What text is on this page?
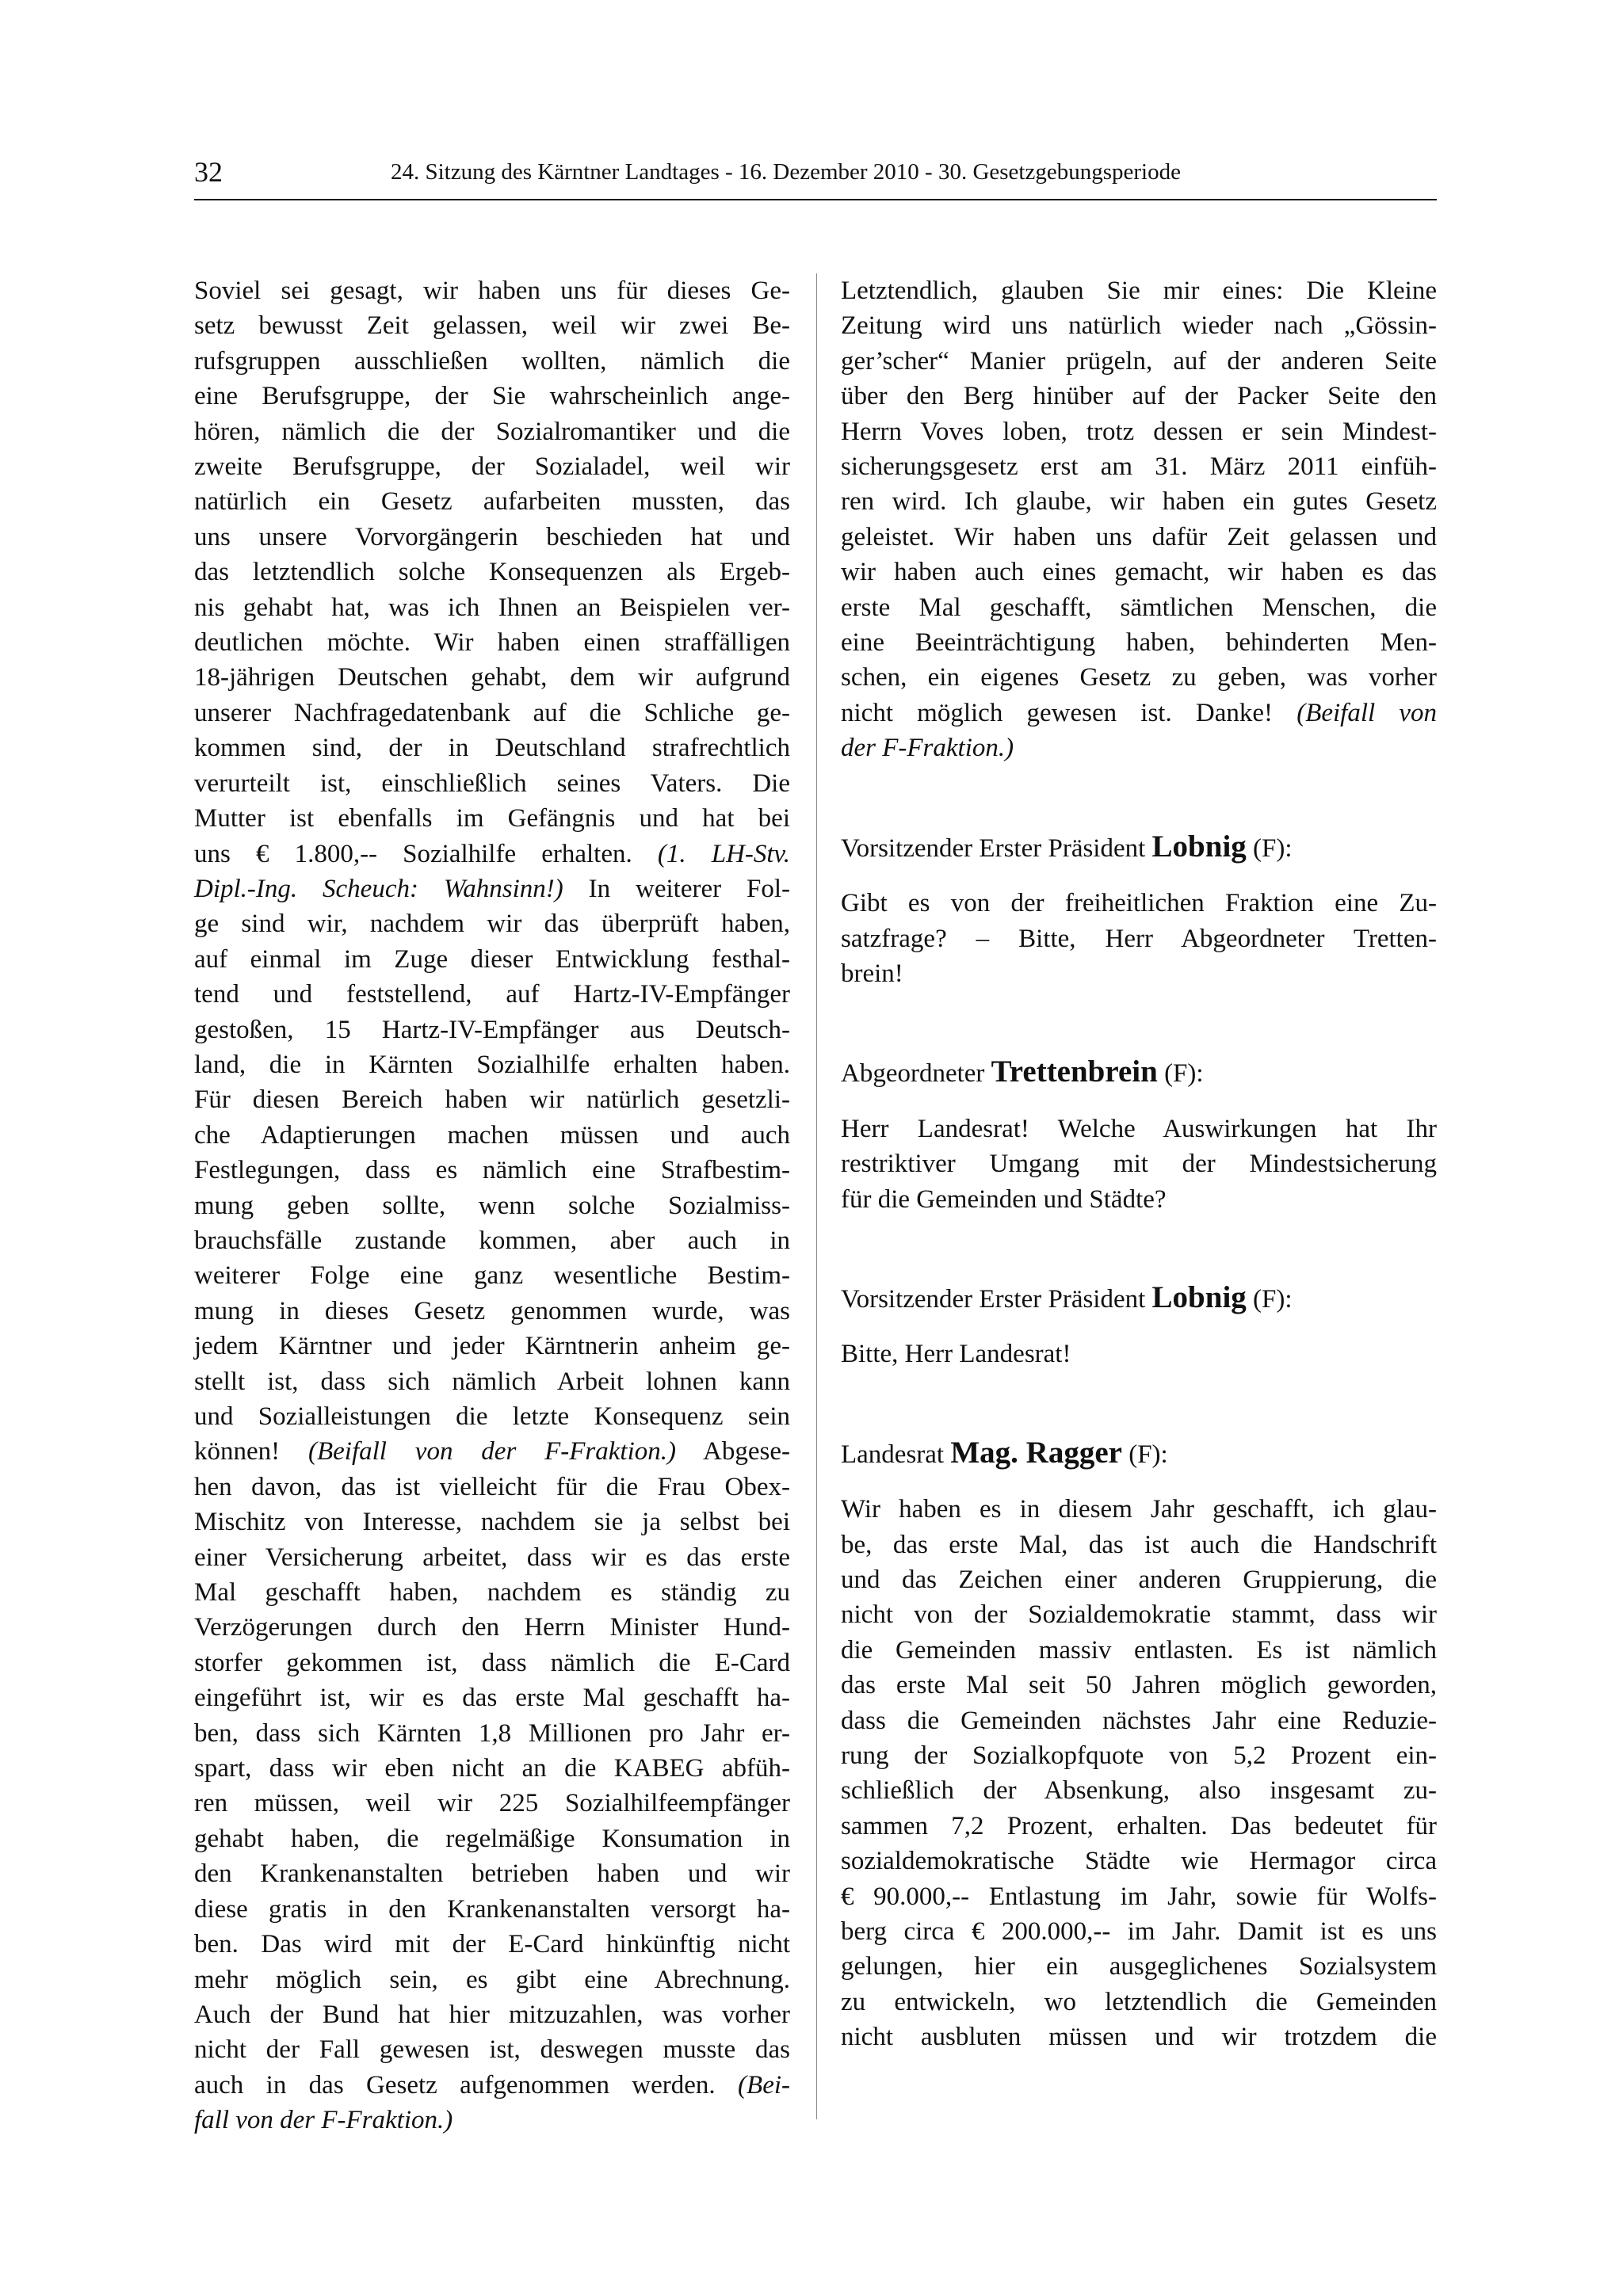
32	24. Sitzung des Kärntner Landtages - 16. Dezember 2010 - 30. Gesetzgebungsperiode
Soviel sei gesagt, wir haben uns für dieses Ge-
setz bewusst Zeit gelassen, weil wir zwei Be-
rufsgruppen ausschließen wollten, nämlich die
eine Berufsgruppe, der Sie wahrscheinlich ange-
hören, nämlich die der Sozialromantiker und die
zweite Berufsgruppe, der Sozialadel, weil wir
natürlich ein Gesetz aufarbeiten mussten, das
uns unsere Vorvorgängerin beschieden hat und
das letztendlich solche Konsequenzen als Ergeb-
nis gehabt hat, was ich Ihnen an Beispielen ver-
deutlichen möchte. Wir haben einen straffälligen
18-jährigen Deutschen gehabt, dem wir aufgrund
unserer Nachfragedatenbank auf die Schliche ge-
kommen sind, der in Deutschland strafrechtlich
verurteilt ist, einschließlich seines Vaters. Die
Mutter ist ebenfalls im Gefängnis und hat bei
uns € 1.800,-- Sozialhilfe erhalten. (1. LH-Stv.
Dipl.-Ing. Scheuch: Wahnsinn!) In weiterer Fol-
ge sind wir, nachdem wir das überprüft haben,
auf einmal im Zuge dieser Entwicklung festhal-
tend und feststellend, auf Hartz-IV-Empfänger
gestoßen, 15 Hartz-IV-Empfänger aus Deutsch-
land, die in Kärnten Sozialhilfe erhalten haben.
Für diesen Bereich haben wir natürlich gesetzli-
che Adaptierungen machen müssen und auch
Festlegungen, dass es nämlich eine Strafbestim-
mung geben sollte, wenn solche Sozialmiss-
brauchsfälle zustande kommen, aber auch in
weiterer Folge eine ganz wesentliche Bestim-
mung in dieses Gesetz genommen wurde, was
jedem Kärntner und jeder Kärntnerin anheim ge-
stellt ist, dass sich nämlich Arbeit lohnen kann
und Sozialleistungen die letzte Konsequenz sein
können! (Beifall von der F-Fraktion.) Abgese-
hen davon, das ist vielleicht für die Frau Obex-
Mischitz von Interesse, nachdem sie ja selbst bei
einer Versicherung arbeitet, dass wir es das erste
Mal geschafft haben, nachdem es ständig zu
Verzögerungen durch den Herrn Minister Hund-
storfer gekommen ist, dass nämlich die E-Card
eingeführt ist, wir es das erste Mal geschafft ha-
ben, dass sich Kärnten 1,8 Millionen pro Jahr er-
spart, dass wir eben nicht an die KABEG abfüh-
ren müssen, weil wir 225 Sozialhilfeempfänger
gehabt haben, die regelmäßige Konsumation in
den Krankenanstalten betrieben haben und wir
diese gratis in den Krankenanstalten versorgt ha-
ben. Das wird mit der E-Card hinkünftig nicht
mehr möglich sein, es gibt eine Abrechnung.
Auch der Bund hat hier mitzuzahlen, was vorher
nicht der Fall gewesen ist, deswegen musste das
auch in das Gesetz aufgenommen werden. (Bei-
fall von der F-Fraktion.)
Letztendlich, glauben Sie mir eines: Die Kleine
Zeitung wird uns natürlich wieder nach „Gössin-
ger’scher“ Manier prügeln, auf der anderen Seite
über den Berg hinüber auf der Packer Seite den
Herrn Voves loben, trotz dessen er sein Mindest-
sicherungsgesetz erst am 31. März 2011 einfüh-
ren wird. Ich glaube, wir haben ein gutes Gesetz
geleistet. Wir haben uns dafür Zeit gelassen und
wir haben auch eines gemacht, wir haben es das
erste Mal geschafft, sämtlichen Menschen, die
eine Beeinträchtigung haben, behinderten Men-
schen, ein eigenes Gesetz zu geben, was vorher
nicht möglich gewesen ist. Danke! (Beifall von
der F-Fraktion.)
Vorsitzender Erster Präsident Lobnig (F):
Gibt es von der freiheitlichen Fraktion eine Zu-
satzfrage? – Bitte, Herr Abgeordneter Tretten-
brein!
Abgeordneter Trettenbrein (F):
Herr Landesrat! Welche Auswirkungen hat Ihr
restriktiver Umgang mit der Mindestsicherung
für die Gemeinden und Städte?
Vorsitzender Erster Präsident Lobnig (F):
Bitte, Herr Landesrat!
Landesrat Mag. Ragger (F):
Wir haben es in diesem Jahr geschafft, ich glau-
be, das erste Mal, das ist auch die Handschrift
und das Zeichen einer anderen Gruppierung, die
nicht von der Sozialdemokratie stammt, dass wir
die Gemeinden massiv entlasten. Es ist nämlich
das erste Mal seit 50 Jahren möglich geworden,
dass die Gemeinden nächstes Jahr eine Reduzie-
rung der Sozialkopfquote von 5,2 Prozent ein-
schließlich der Absenkung, also insgesamt zu-
sammen 7,2 Prozent, erhalten. Das bedeutet für
sozialdemokratische Städte wie Hermagor circa
€ 90.000,-- Entlastung im Jahr, sowie für Wolfs-
berg circa € 200.000,-- im Jahr. Damit ist es uns
gelungen, hier ein ausgeglichenes Sozialsystem
zu entwickeln, wo letztendlich die Gemeinden
nicht ausbluten müssen und wir trotzdem die
